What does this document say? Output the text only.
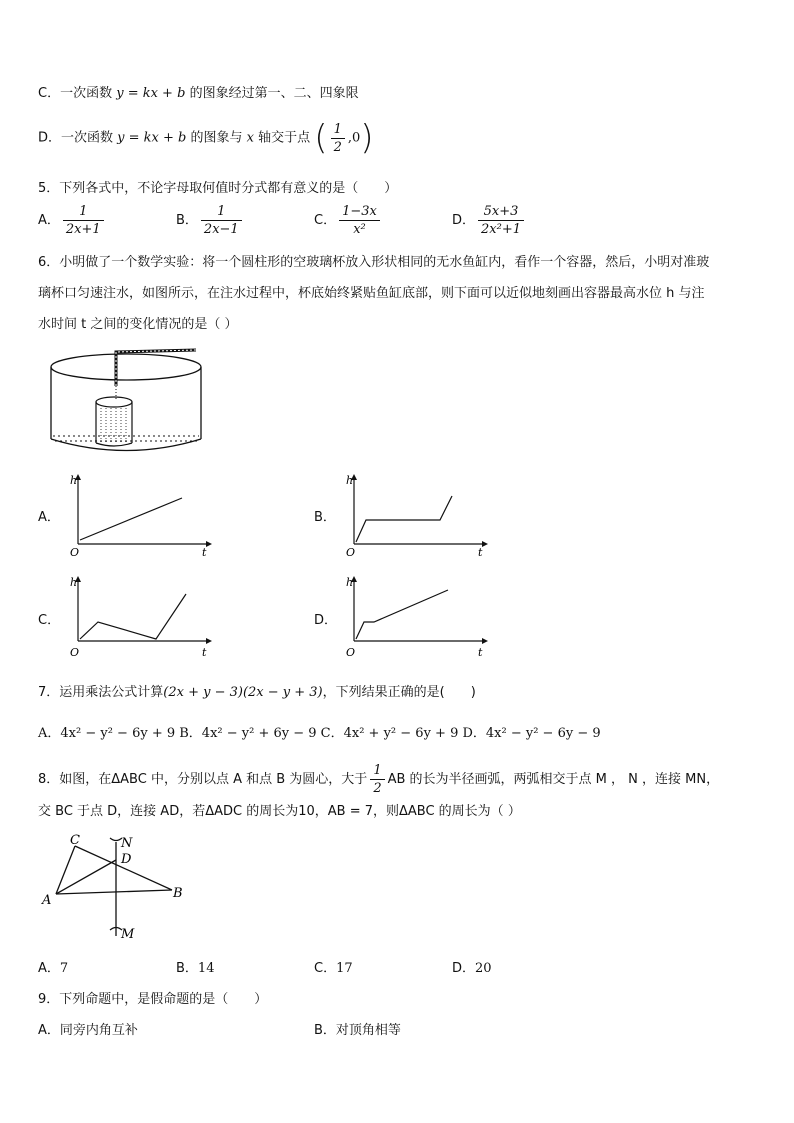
C．一次函数 y = kx + b 的图象经过第一、二、四象限
D．一次函数 y = kx + b 的图象与 x 轴交于点 ( $\frac{1}{2} ,0$)
5．下列各式中，不论字母取何值时分式都有意义的是（　　）
A． $\frac{1}{2x+1}$	B． $\frac{1}{2x-1}$	C． $\frac{1-3x}{\text{x²}}$	D． $\frac{5x+3}{\text{2x²+1}}$
6．小明做了一个数学实验：将一个圆柱形的空玻璃杯放入形状相同的无水鱼缸内，看作一个容器，然后，小明对准玻
璃杯口匀速注水，如图所示，在注水过程中，杯底始终紧贴鱼缸底部，则下面可以近似地刻画出容器最高水位 h 与注
水时间 t 之间的变化情况的是（ ）
A．
h
t
O
B．
h
t
O
C．
h
t
O
D．
h
t
O
7．运用乘法公式计算(2x + y − 3)(2x − y + 3)，下列结果正确的是(　　)
A．4x² − y² − 6y + 9 B．4x² − y² + 6y − 9 C．4x² + y² − 6y + 9 D．4x² − y² − 6y − 9
8．如图，在ΔABC 中，分别以点 A 和点 B 为圆心，大于 $\frac{1}{2}$ AB 的长为半径画弧，两弧相交于点 M ， N ，连接 MN，
交 BC 于点 D，连接 AD，若ΔADC 的周长为10，AB = 7，则ΔABC 的周长为（ ）
C	N
D
A	B
M
A．7	B．14	C．17	D．20
9．下列命题中，是假命题的是（　　）
A．同旁内角互补	B．对顶角相等
